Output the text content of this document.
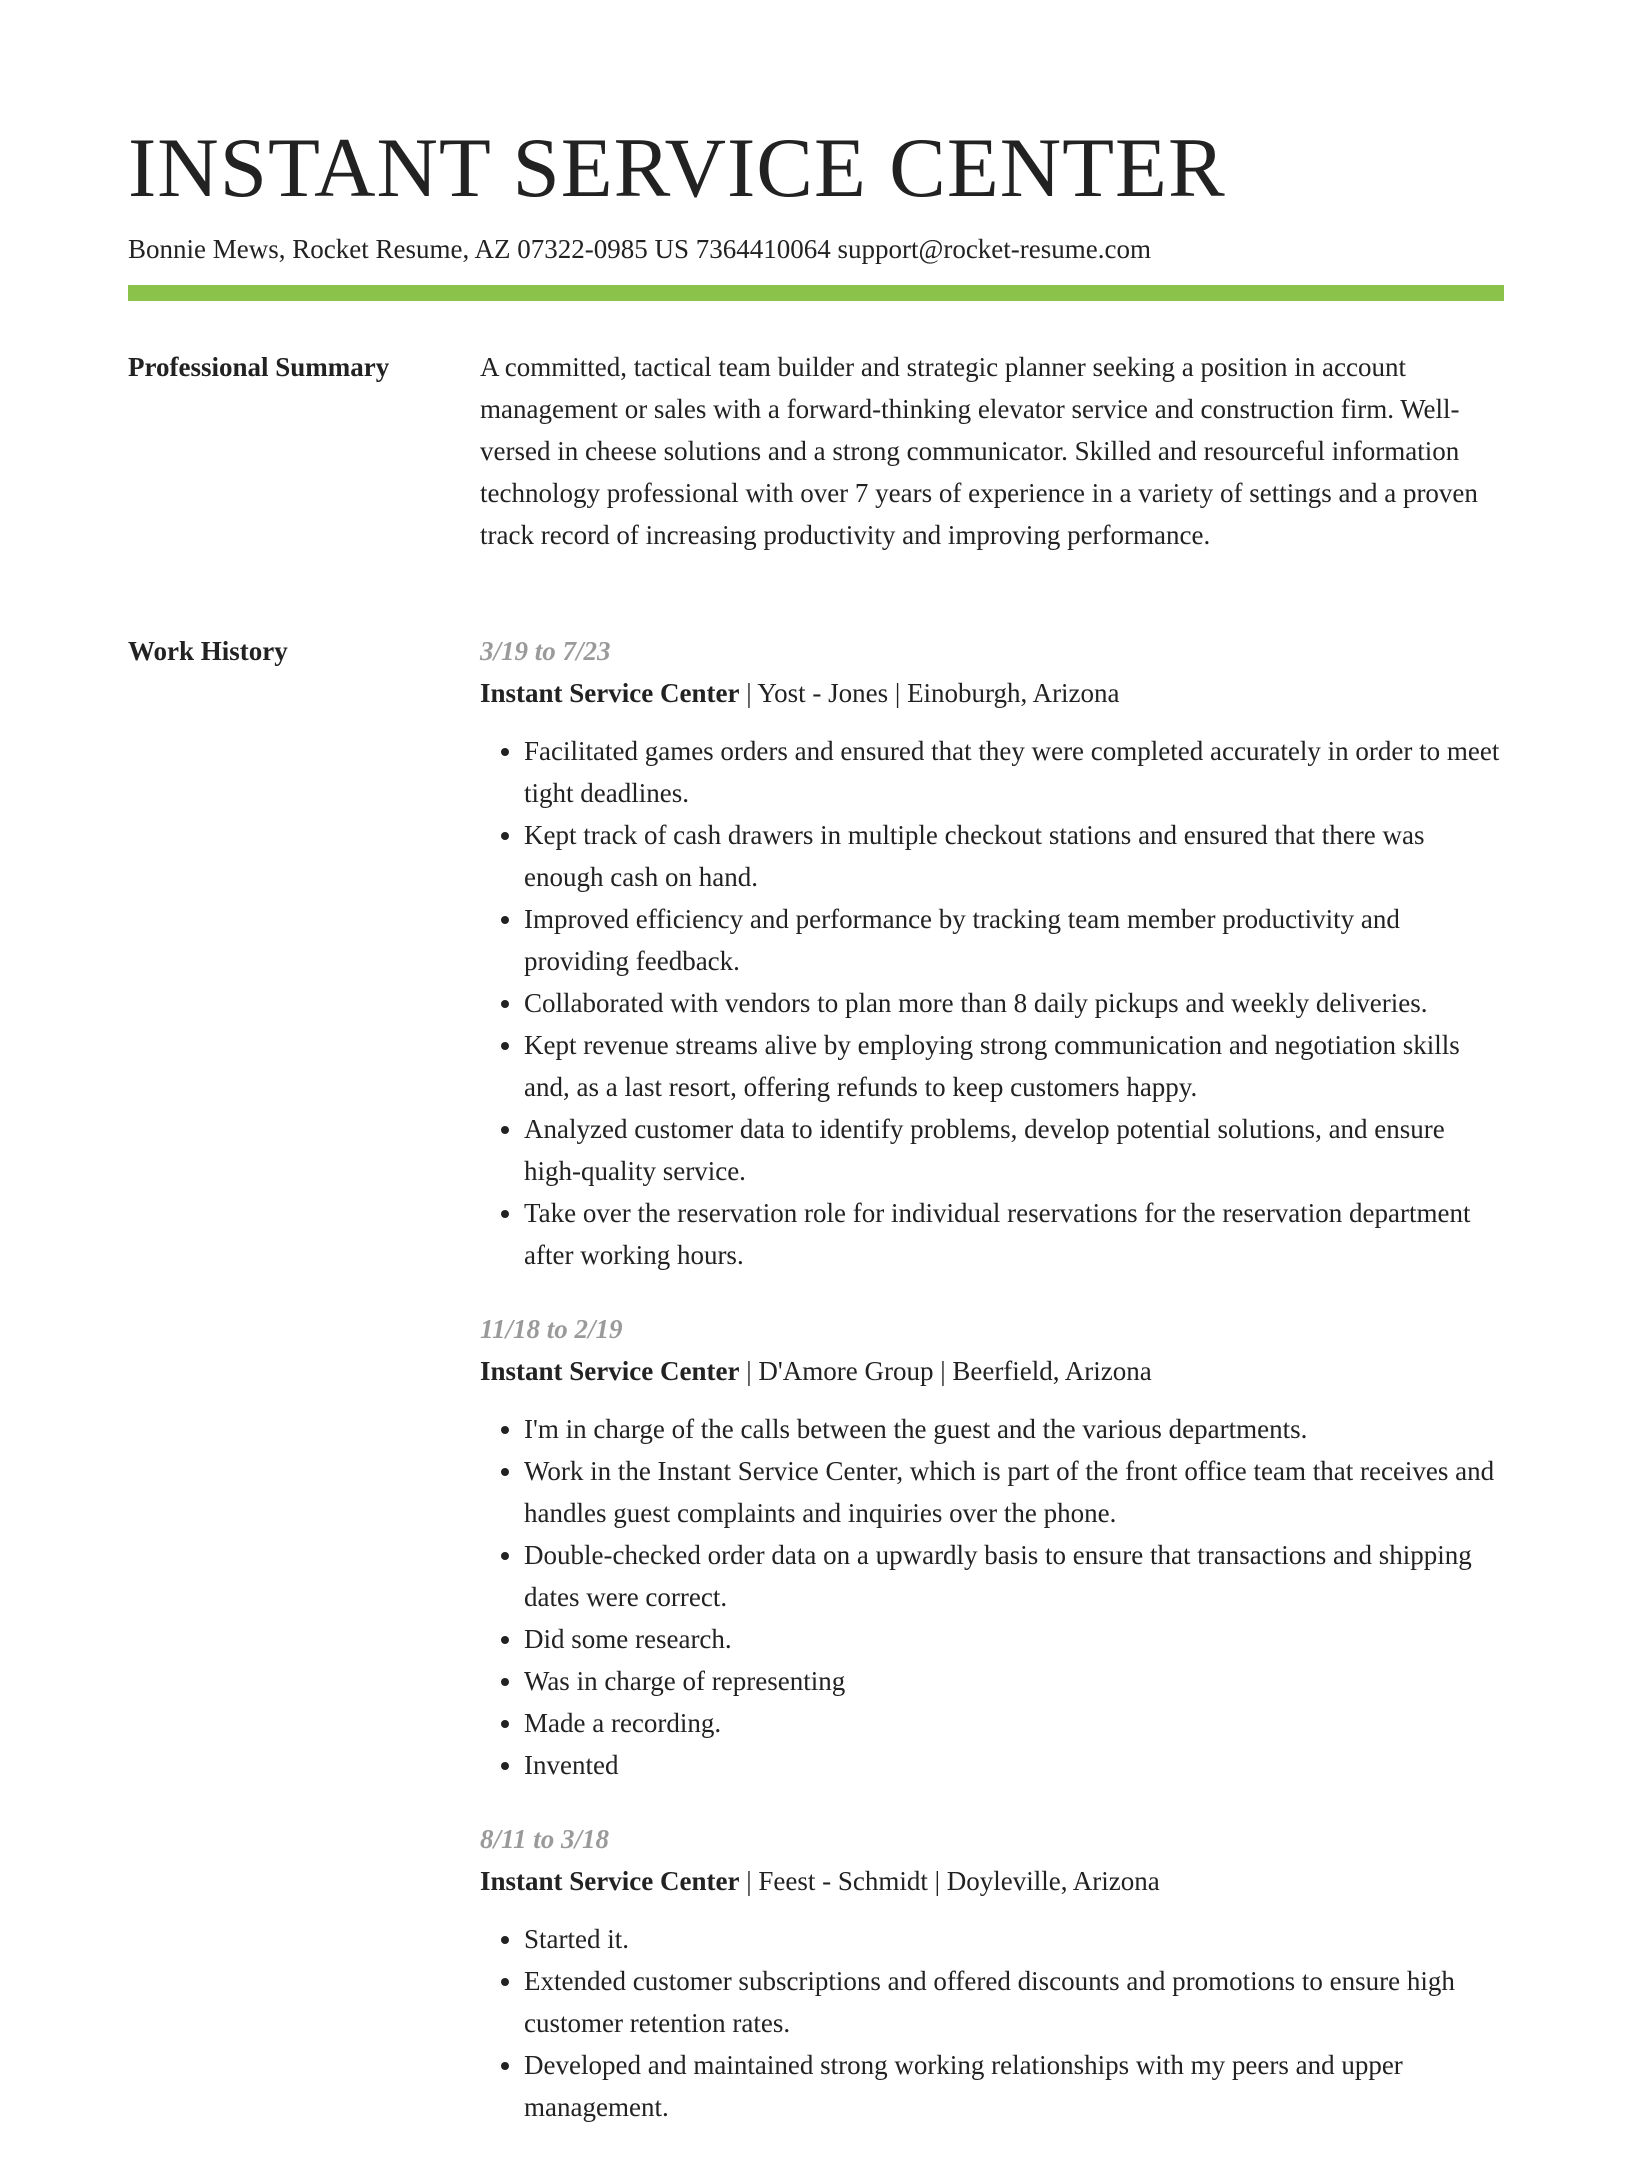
INSTANT SERVICE CENTER
Bonnie Mews, Rocket Resume, AZ 07322-0985 US 7364410064 support@rocket-resume.com
Professional Summary	A committed, tactical team builder and strategic planner seeking a position in account management or sales with a forward-thinking elevator service and construction firm. Well-versed in cheese solutions and a strong communicator. Skilled and resourceful information technology professional with over 7 years of experience in a variety of settings and a proven track record of increasing productivity and improving performance.

Work History	3/19 to 7/23

Instant Service Center | Yost - Jones | Einoburgh, Arizona

• Facilitated games orders and ensured that they were completed accurately in order to meet tight deadlines.
• Kept track of cash drawers in multiple checkout stations and ensured that there was enough cash on hand.
• Improved efficiency and performance by tracking team member productivity and providing feedback.
• Collaborated with vendors to plan more than 8 daily pickups and weekly deliveries.
• Kept revenue streams alive by employing strong communication and negotiation skills and, as a last resort, offering refunds to keep customers happy.
• Analyzed customer data to identify problems, develop potential solutions, and ensure high-quality service.
• Take over the reservation role for individual reservations for the reservation department after working hours.

11/18 to 2/19

Instant Service Center | D'Amore Group | Beerfield, Arizona

• I'm in charge of the calls between the guest and the various departments.
• Work in the Instant Service Center, which is part of the front office team that receives and handles guest complaints and inquiries over the phone.
• Double-checked order data on a upwardly basis to ensure that transactions and shipping dates were correct.
• Did some research.
• Was in charge of representing
• Made a recording.
• Invented

8/11 to 3/18

Instant Service Center | Feest - Schmidt | Doyleville, Arizona

• Started it.
• Extended customer subscriptions and offered discounts and promotions to ensure high customer retention rates.
• Developed and maintained strong working relationships with my peers and upper management.
